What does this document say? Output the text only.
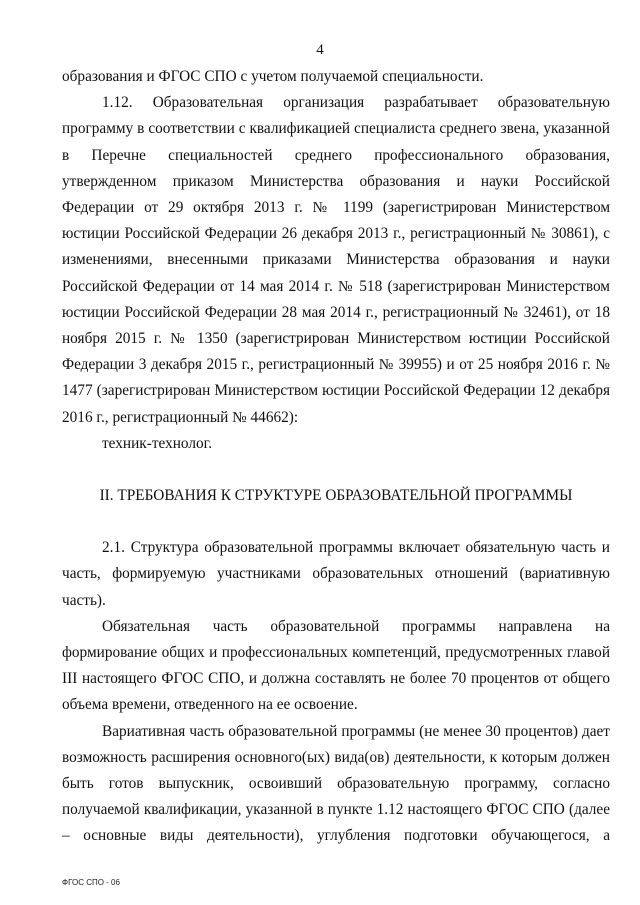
4

образования и ФГОС СПО с учетом получаемой специальности.

1.12. Образовательная организация разрабатывает образовательную программу в соответствии с квалификацией специалиста среднего звена, указанной в Перечне специальностей среднего профессионального образования, утвержденном приказом Министерства образования и науки Российской Федерации от 29 октября 2013 г. № 1199 (зарегистрирован Министерством юстиции Российской Федерации 26 декабря 2013 г., регистрационный № 30861), с изменениями, внесенными приказами Министерства образования и науки Российской Федерации от 14 мая 2014 г. № 518 (зарегистрирован Министерством юстиции Российской Федерации 28 мая 2014 г., регистрационный № 32461), от 18 ноября 2015 г. № 1350 (зарегистрирован Министерством юстиции Российской Федерации 3 декабря 2015 г., регистрационный № 39955) и от 25 ноября 2016 г. № 1477 (зарегистрирован Министерством юстиции Российской Федерации 12 декабря 2016 г., регистрационный № 44662):

техник-технолог.

II. ТРЕБОВАНИЯ К СТРУКТУРЕ ОБРАЗОВАТЕЛЬНОЙ ПРОГРАММЫ

2.1. Структура образовательной программы включает обязательную часть и часть, формируемую участниками образовательных отношений (вариативную часть).

Обязательная часть образовательной программы направлена на формирование общих и профессиональных компетенций, предусмотренных главой III настоящего ФГОС СПО, и должна составлять не более 70 процентов от общего объема времени, отведенного на ее освоение.

Вариативная часть образовательной программы (не менее 30 процентов) дает возможность расширения основного(ых) вида(ов) деятельности, к которым должен быть готов выпускник, освоивший образовательную программу, согласно получаемой квалификации, указанной в пункте 1.12 настоящего ФГОС СПО (далее – основные виды деятельности), углубления подготовки обучающегося, а

ФГОС СПО - 06
